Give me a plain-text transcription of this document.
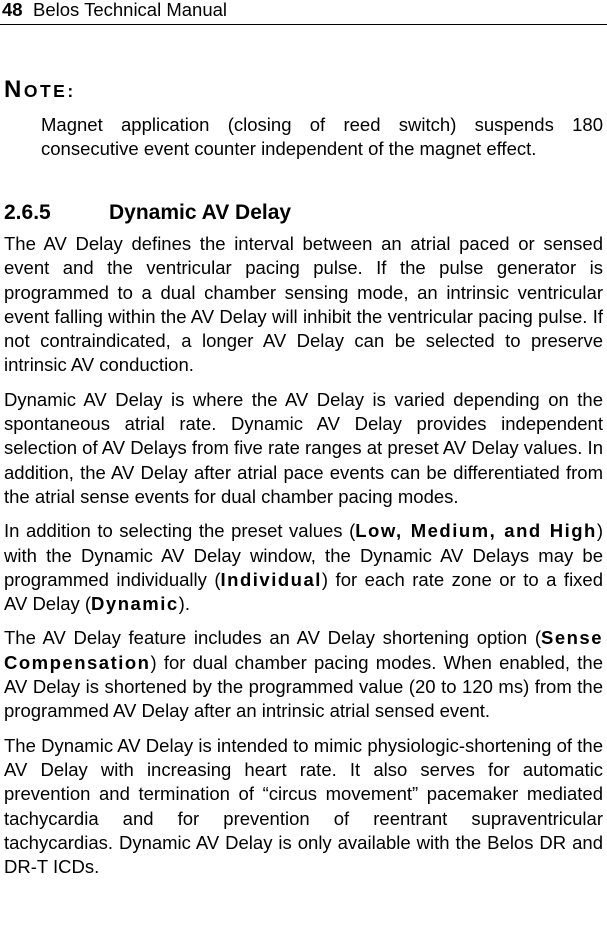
48 Belos Technical Manual
NOTE:
Magnet application (closing of reed switch) suspends 180 consecutive event counter independent of the magnet effect.
2.6.5	Dynamic AV Delay

The AV Delay defines the interval between an atrial paced or sensed event and the ventricular pacing pulse. If the pulse generator is programmed to a dual chamber sensing mode, an intrinsic ventricular event falling within the AV Delay will inhibit the ventricular pacing pulse. If not contraindicated, a longer AV Delay can be selected to preserve intrinsic AV conduction.

Dynamic AV Delay is where the AV Delay is varied depending on the spontaneous atrial rate. Dynamic AV Delay provides independent selection of AV Delays from five rate ranges at preset AV Delay values. In addition, the AV Delay after atrial pace events can be differentiated from the atrial sense events for dual chamber pacing modes.

In addition to selecting the preset values (Low, Medium, and High) with the Dynamic AV Delay window, the Dynamic AV Delays may be programmed individually (Individual) for each rate zone or to a fixed AV Delay (Dynamic).

The AV Delay feature includes an AV Delay shortening option (Sense Compensation) for dual chamber pacing modes. When enabled, the AV Delay is shortened by the programmed value (20 to 120 ms) from the programmed AV Delay after an intrinsic atrial sensed event.

The Dynamic AV Delay is intended to mimic physiologic-shortening of the AV Delay with increasing heart rate. It also serves for automatic prevention and termination of “circus movement” pacemaker mediated tachycardia and for prevention of reentrant supraventricular tachycardias. Dynamic AV Delay is only available with the Belos DR and DR-T ICDs.
